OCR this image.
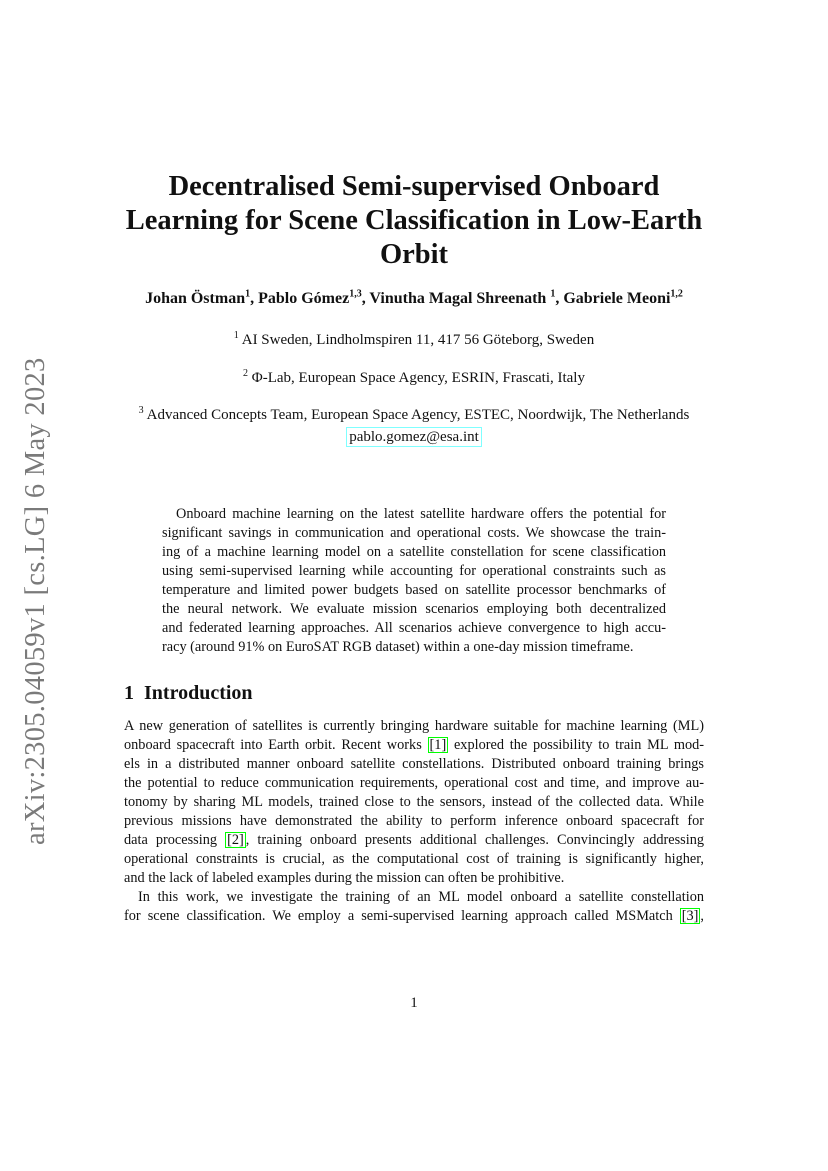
arXiv:2305.04059v1 [cs.LG] 6 May 2023
Decentralised Semi-supervised Onboard
Learning for Scene Classification in Low-Earth
Orbit
Johan Östman$^1$, Pablo Gómez$^{1,3}$, Vinutha Magal Shreenath $^1$, Gabriele Meoni$^{1,2}$
$^1$ AI Sweden, Lindholmspiren 11, 417 56 Göteborg, Sweden
$^2$ Φ-Lab, European Space Agency, ESRIN, Frascati, Italy
$^3$ Advanced Concepts Team, European Space Agency, ESTEC, Noordwijk, The Netherlands
pablo.gomez@esa.int
Onboard machine learning on the latest satellite hardware offers the potential for
significant savings in communication and operational costs. We showcase the train-
ing of a machine learning model on a satellite constellation for scene classification
using semi-supervised learning while accounting for operational constraints such as
temperature and limited power budgets based on satellite processor benchmarks of
the neural network. We evaluate mission scenarios employing both decentralized
and federated learning approaches. All scenarios achieve convergence to high accu-
racy (around 91% on EuroSAT RGB dataset) within a one-day mission timeframe.
1 Introduction
A new generation of satellites is currently bringing hardware suitable for machine learning (ML)
onboard spacecraft into Earth orbit. Recent works [1] explored the possibility to train ML mod-
els in a distributed manner onboard satellite constellations. Distributed onboard training brings
the potential to reduce communication requirements, operational cost and time, and improve au-
tonomy by sharing ML models, trained close to the sensors, instead of the collected data. While
previous missions have demonstrated the ability to perform inference onboard spacecraft for
data processing [2] , training onboard presents additional challenges. Convincingly addressing
operational constraints is crucial, as the computational cost of training is significantly higher,
and the lack of labeled examples during the mission can often be prohibitive.
In this work, we investigate the training of an ML model onboard a satellite constellation
for scene classification. We employ a semi-supervised learning approach called MSMatch [3] ,
1
